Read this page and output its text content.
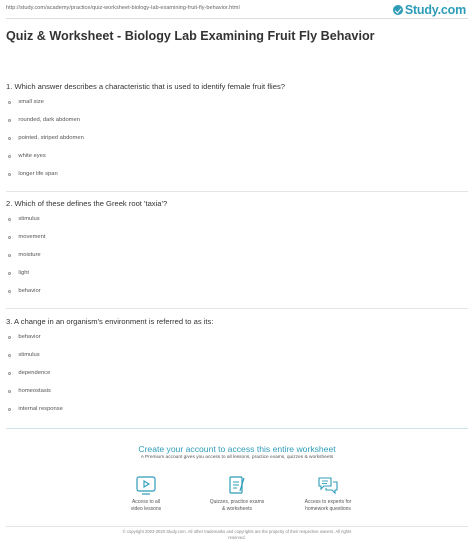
http://study.com/academy/practice/quiz-worksheet-biology-lab-examining-fruit-fly-behavior.html	Study.com
Quiz & Worksheet - Biology Lab Examining Fruit Fly Behavior

1. Which answer describes a characteristic that is used to identify female fruit flies?

small size
rounded, dark abdomen
pointed, striped abdomen
white eyes
longer life span

2. Which of these defines the Greek root 'taxia'?

stimulus
movement
moisture
light
behavior

3. A change in an organism's environment is referred to as its:

behavior
stimulus
dependence
homeostasis
internal response
Create your account to access this entire worksheet
A Premium account gives you access to all lessons, practice exams, quizzes & worksheets
Access to all
video lessons
Quizzes, practice exams
& worksheets
Access to experts for
homework questions
© copyright 2003-2020 Study.com. All other trademarks and copyrights are the property of their respective owners. All rights
reserved.
